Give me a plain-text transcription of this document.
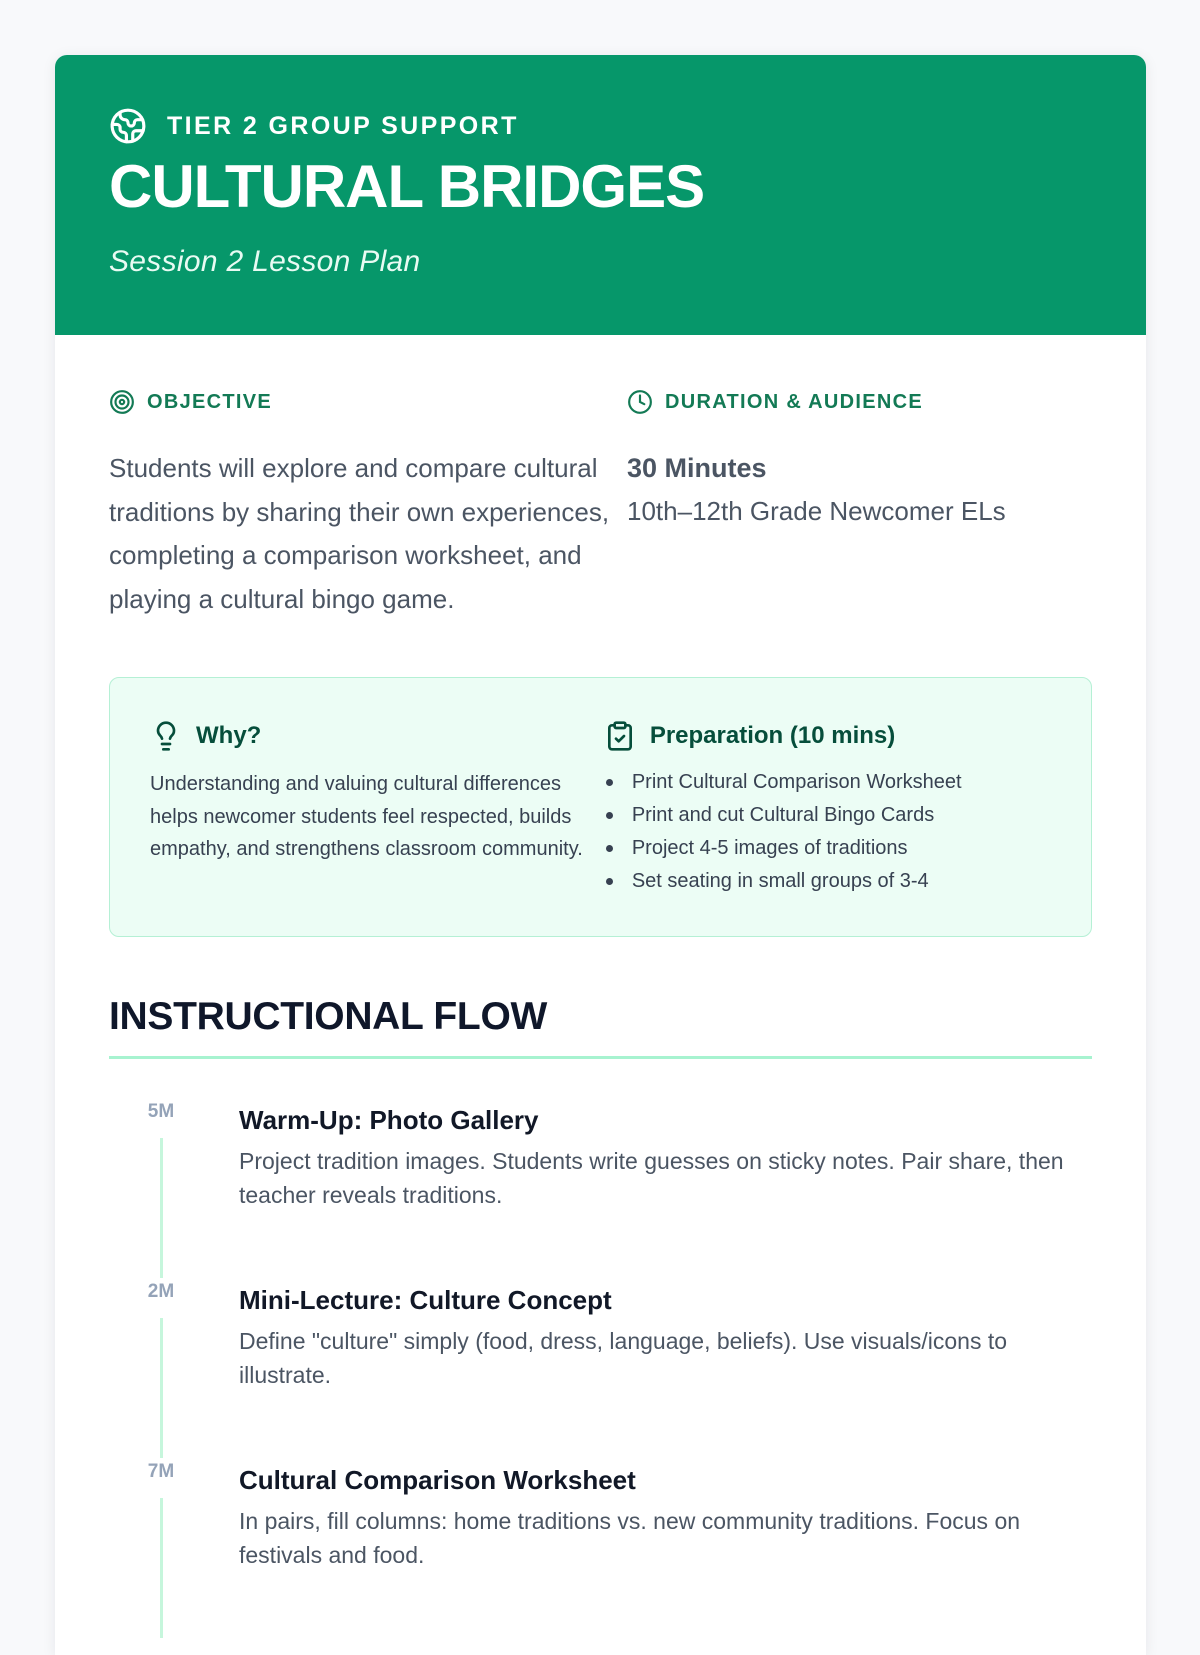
TIER 2 GROUP SUPPORT
CULTURAL BRIDGES
Session 2 Lesson Plan
OBJECTIVE

Students will explore and compare cultural traditions by sharing their own experiences, completing a comparison worksheet, and playing a cultural bingo game.

DURATION & AUDIENCE
30 Minutes
10th–12th Grade Newcomer ELs
Why?

Understanding and valuing cultural differences helps newcomer students feel respected, builds empathy, and strengthens classroom community.

Preparation (10 mins)
Print Cultural Comparison Worksheet
Print and cut Cultural Bingo Cards
Project 4-5 images of traditions
Set seating in small groups of 3-4
INSTRUCTIONAL FLOW
5M Warm-Up: Photo Gallery

Project tradition images. Students write guesses on sticky notes. Pair share, then teacher reveals traditions.

2M Mini-Lecture: Culture Concept

Define "culture" simply (food, dress, language, beliefs). Use visuals/icons to illustrate.

7M Cultural Comparison Worksheet

In pairs, fill columns: home traditions vs. new community traditions. Focus on festivals and food.
